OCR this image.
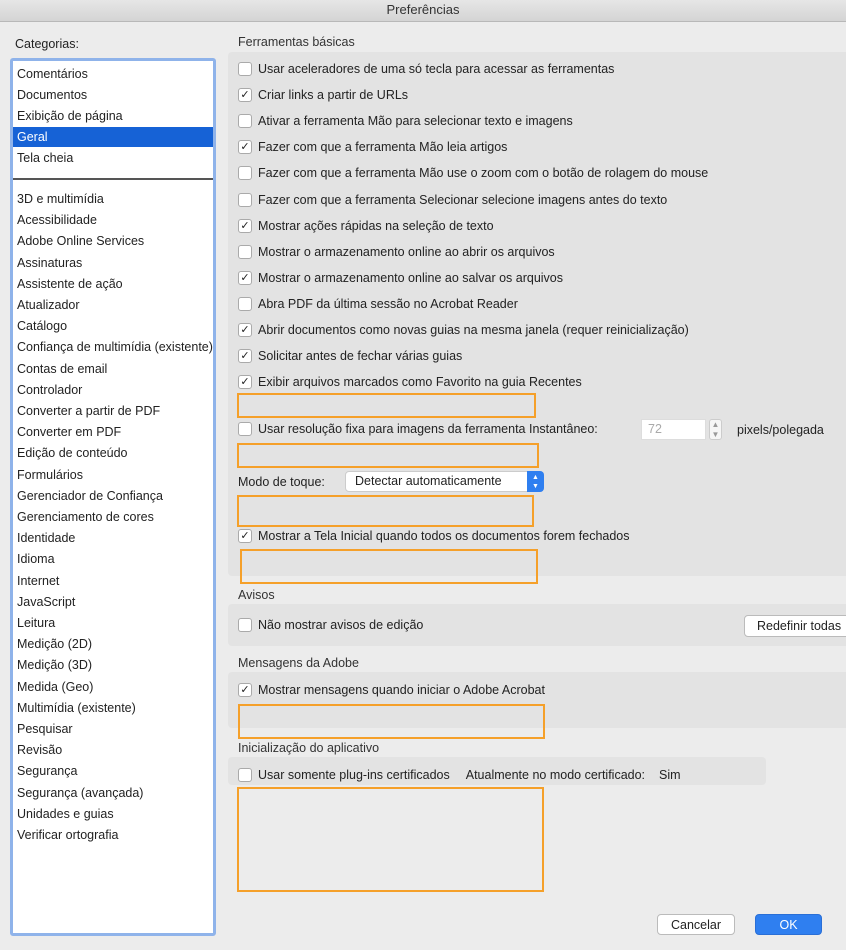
Preferências
Categorias:
Comentários
Documentos
Exibição de página
Geral
Tela cheia
3D e multimídia
Acessibilidade
Adobe Online Services
Assinaturas
Assistente de ação
Atualizador
Catálogo
Confiança de multimídia (existente)
Contas de email
Controlador
Converter a partir de PDF
Converter em PDF
Edição de conteúdo
Formulários
Gerenciador de Confiança
Gerenciamento de cores
Identidade
Idioma
Internet
JavaScript
Leitura
Medição (2D)
Medição (3D)
Medida (Geo)
Multimídia (existente)
Pesquisar
Revisão
Segurança
Segurança (avançada)
Unidades e guias
Verificar ortografia
Ferramentas básicas
Usar aceleradores de uma só tecla para acessar as ferramentas
✓ Criar links a partir de URLs
Ativar a ferramenta Mão para selecionar texto e imagens
✓ Fazer com que a ferramenta Mão leia artigos
Fazer com que a ferramenta Mão use o zoom com o botão de rolagem do mouse
Fazer com que a ferramenta Selecionar selecione imagens antes do texto
✓ Mostrar ações rápidas na seleção de texto
Mostrar o armazenamento online ao abrir os arquivos
✓ Mostrar o armazenamento online ao salvar os arquivos
Abra PDF da última sessão no Acrobat Reader
✓ Abrir documentos como novas guias na mesma janela (requer reinicialização)
✓ Solicitar antes de fechar várias guias
✓ Exibir arquivos marcados como Favorito na guia Recentes
Usar resolução fixa para imagens da ferramenta Instantâneo:	72	▲
▼ pixels/polegada
Modo de toque: Detectar automaticamente	▲
▼
✓ Mostrar a Tela Inicial quando todos os documentos forem fechados
Avisos
Não mostrar avisos de edição	Redefinir todas
Mensagens da Adobe
✓ Mostrar mensagens quando iniciar o Adobe Acrobat
Inicialização do aplicativo
Usar somente plug-ins certificados Atualmente no modo certificado: Sim
Cancelar	OK
